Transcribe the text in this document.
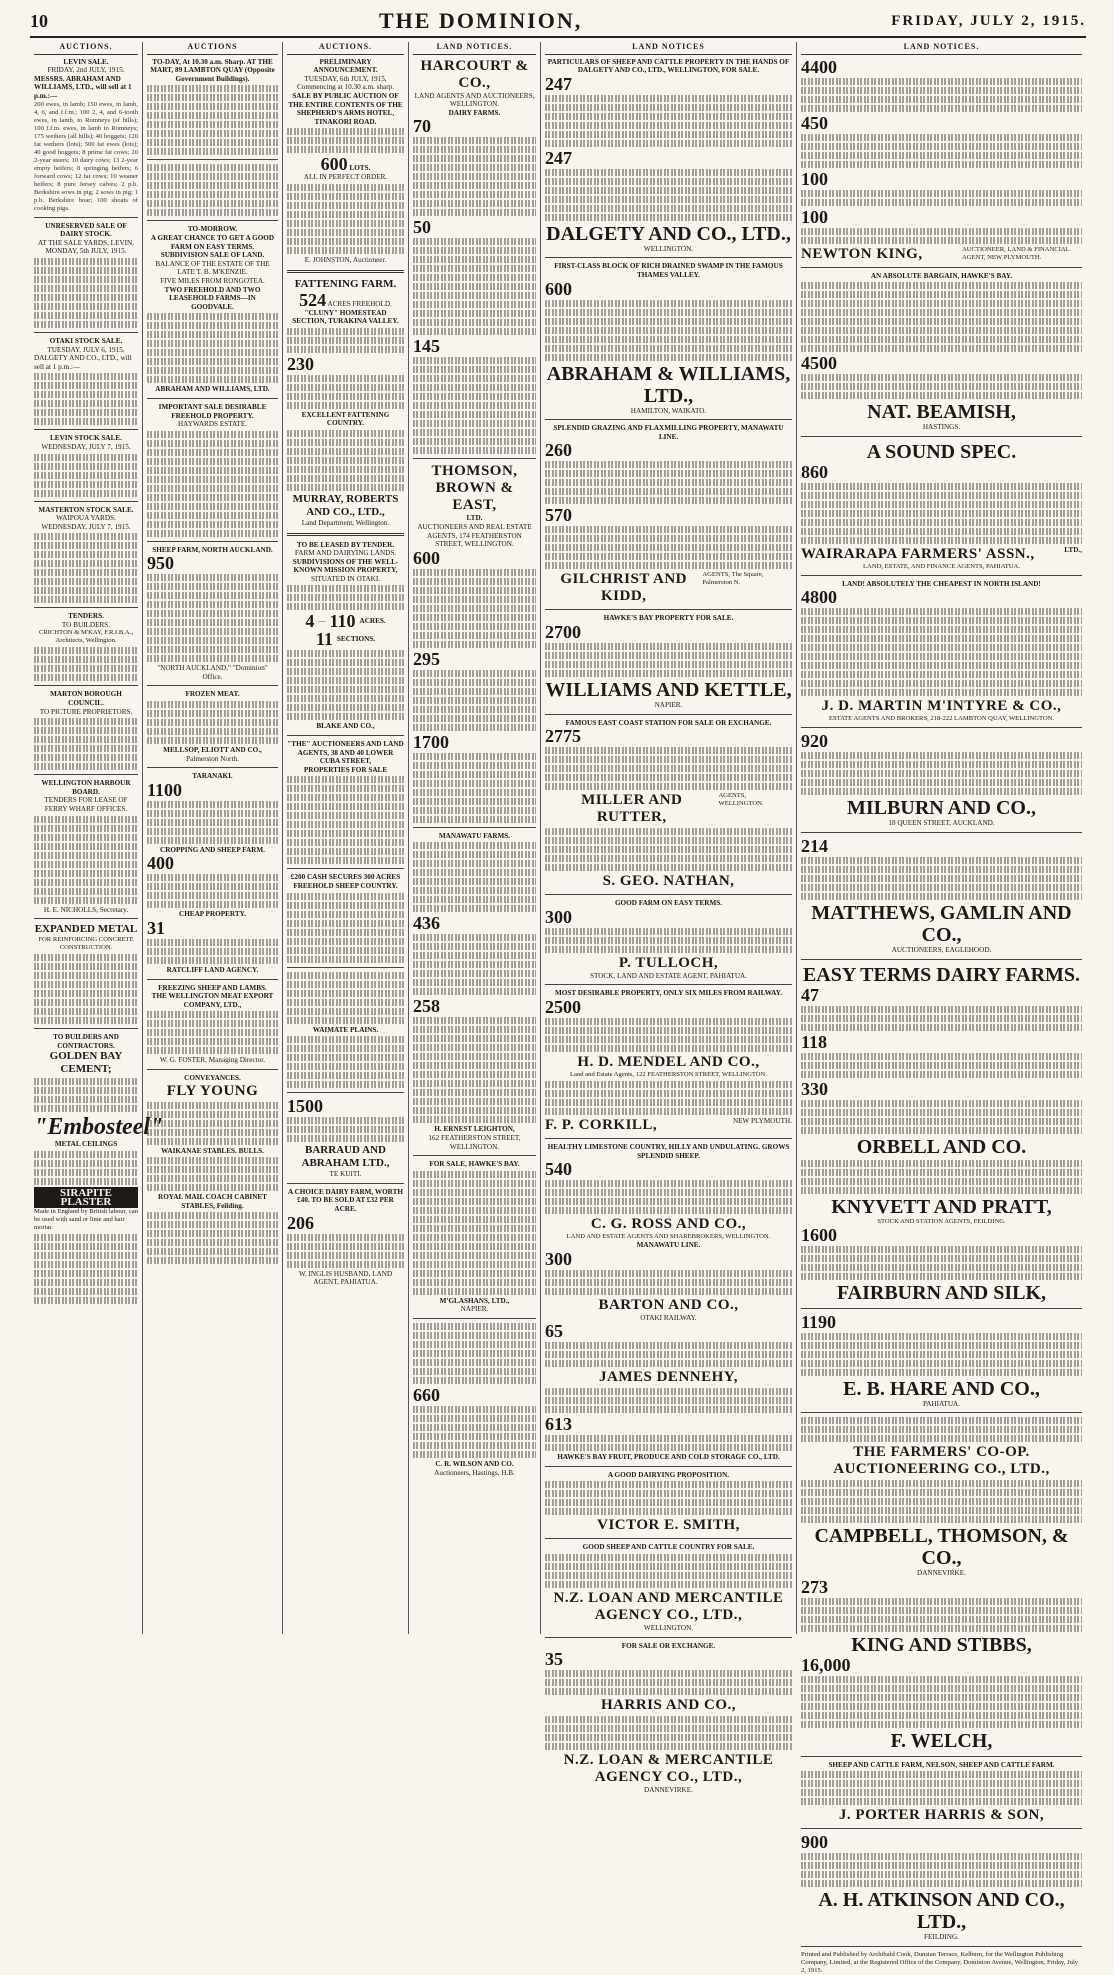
10	THE DOMINION,	FRIDAY, JULY 2, 1915.
AUCTIONS.
LEVIN SALE.
FRIDAY, 2nd JULY, 1915.
MESSRS. ABRAHAM AND WILLIAMS, LTD., will sell at 1 p.m.:—
200 ewes, in lamb; 150 ewes, in lamb, 4, 6, and f.f.m.; 100 2, 4, and 6-tooth ewes, in lamb, to Romneys (sf hills); 100 f.f.m. ewes, in lamb to Romneys; 175 wethers (all hills); 40 hoggets; 120 fat wethers (lots); 500 fat ewes (lots); 40 good hoggets; 8 prime fat cows; 20 2-year steers; 10 dairy cows; 13 2-year empty heifers; 8 springing heifers; 6 forward cows; 12 fat cows; 10 weaner heifers; 8 pure Jersey calves; 2 p.b. Berkshire sows in pig; 2 sows in pig; 1 p.b. Berkshire boar; 100 shoats of cooking pigs.
UNRESERVED SALE OF DAIRY STOCK.
AT THE SALE YARDS, LEVIN.
MONDAY, 5th JULY, 1915.
OTAKI STOCK SALE.
TUESDAY, JULY 6, 1915.
DALGETY AND CO., LTD., will sell at 1 p.m.:—
LEVIN STOCK SALE.
WEDNESDAY, JULY 7, 1915.
MASTERTON STOCK SALE.
WAIPOUA YARDS.
WEDNESDAY, JULY 7, 1915.
TENDERS.
TO BUILDERS.
CRICHTON & M'KAY, F.R.I.B.A., Architects, Wellington.
MARTON BOROUGH COUNCIL.
TO PICTURE PROPRIETORS.
WELLINGTON HARBOUR BOARD.
TENDERS FOR LEASE OF FERRY WHARF OFFICES.
H. E. NICHOLLS, Secretary.
EXPANDED METAL
FOR REINFORCING CONCRETE CONSTRUCTION.
TO BUILDERS AND CONTRACTORS.
GOLDEN BAY CEMENT;
"Embosteel"
METAL CEILINGS
SIRAPITE PLASTER
Made in England by British labour, can be used with sand or lime and hair mortar.
AUCTIONS
TO-DAY, At 10.30 a.m. Sharp. AT THE MART, 89 LAMBTON QUAY (Opposite Government Buildings).
TO-MORROW.
A GREAT CHANCE TO GET A GOOD FARM ON EASY TERMS.
SUBDIVISION SALE OF LAND.
BALANCE OF THE ESTATE OF THE LATE T. B. M'KENZIE.
FIVE MILES FROM RONGOTEA.
TWO FREEHOLD AND TWO LEASEHOLD FARMS—IN GOODVALE.
ABRAHAM AND WILLIAMS, LTD.
IMPORTANT SALE DESIRABLE FREEHOLD PROPERTY.
HAYWARDS ESTATE.
SHEEP FARM, NORTH AUCKLAND.
950
"NORTH AUCKLAND," "Dominion" Office.
FROZEN MEAT.
MELLSOP, ELIOTT AND CO.,
Palmerston North.
TARANAKI.
1100
CROPPING AND SHEEP FARM.
400
CHEAP PROPERTY.
31
RATCLIFF LAND AGENCY.
FREEZING SHEEP AND LAMBS.
THE WELLINGTON MEAT EXPORT COMPANY, LTD.,
W. G. FOSTER, Managing Director.
CONVEYANCES.
FLY YOUNG
WAIKANAE STABLES. BULLS.
ROYAL MAIL COACH CABINET STABLES, Feilding.
AUCTIONS.
PRELIMINARY ANNOUNCEMENT.
TUESDAY, 6th JULY, 1915,
Commencing at 10.30 a.m. sharp.
SALE BY PUBLIC AUCTION OF THE ENTIRE CONTENTS OF THE SHEPHERD'S ARMS HOTEL, TINAKORI ROAD.
600 LOTS.
ALL IN PERFECT ORDER.
E. JOHNSTON, Auctioneer.
FATTENING FARM.
524 ACRES FREEHOLD.
"CLUNY" HOMESTEAD SECTION, TURAKINA VALLEY.
230
EXCELLENT FATTENING COUNTRY.
MURRAY, ROBERTS AND CO., LTD.,
Land Department, Wellington.
TO BE LEASED BY TENDER.
FARM AND DAIRYING LANDS.
SUBDIVISIONS OF THE WELL-KNOWN MISSION PROPERTY,
SITUATED IN OTAKI.
4 — 110 ACRES.
11 SECTIONS.
BLAKE AND CO.,
"THE" AUCTIONEERS AND LAND AGENTS, 38 AND 40 LOWER CUBA STREET,
PROPERTIES FOR SALE
£200 CASH SECURES 300 ACRES FREEHOLD SHEEP COUNTRY.
WAIMATE PLAINS.
1500
BARRAUD AND ABRAHAM LTD.,
TE KUITI.
A CHOICE DAIRY FARM, WORTH £40. TO BE SOLD AT £32 PER ACRE.
206
W. INGLIS HUSBAND, LAND AGENT, PAHIATUA.
LAND NOTICES.
HARCOURT & CO.,
LAND AGENTS AND AUCTIONEERS, WELLINGTON.
DAIRY FARMS.
70
50
145
THOMSON, BROWN & EAST,
LTD.
AUCTIONEERS AND REAL ESTATE AGENTS, 174 FEATHERSTON STREET, WELLINGTON.
600
295
1700
MANAWATU FARMS.
436
258
H. ERNEST LEIGHTON,
162 FEATHERSTON STREET, WELLINGTON.
FOR SALE, HAWKE'S BAY.
M'GLASHANS, LTD.,
NAPIER.
660
C. R. WILSON AND CO.
Auctioneers, Hastings, H.B.
LAND NOTICES
PARTICULARS OF SHEEP AND CATTLE PROPERTY IN THE HANDS OF DALGETY AND CO., LTD., WELLINGTON, FOR SALE.
247
247
DALGETY AND CO., LTD.,
WELLINGTON.
FIRST-CLASS BLOCK OF RICH DRAINED SWAMP IN THE FAMOUS THAMES VALLEY.
600
ABRAHAM & WILLIAMS, LTD.,
HAMILTON, WAIKATO.
SPLENDID GRAZING AND FLAXMILLING PROPERTY, MANAWATU LINE.
260
570
GILCHRIST AND KIDD,
AGENTS, The Square, Palmerston N.
HAWKE'S BAY PROPERTY FOR SALE.
2700
WILLIAMS AND KETTLE,
NAPIER.
FAMOUS EAST COAST STATION FOR SALE OR EXCHANGE.
2775
MILLER AND RUTTER,
AGENTS, WELLINGTON.
S. GEO. NATHAN,
GOOD FARM ON EASY TERMS.
300
P. TULLOCH,
STOCK, LAND AND ESTATE AGENT, PAHIATUA.
MOST DESIRABLE PROPERTY, ONLY SIX MILES FROM RAILWAY.
2500
H. D. MENDEL AND CO.,
Land and Estate Agents, 122 FEATHERSTON STREET, WELLINGTON.
F. P. CORKILL,	NEW PLYMOUTH.
HEALTHY LIMESTONE COUNTRY, HILLY AND UNDULATING. GROWS SPLENDID SHEEP.
540
C. G. ROSS AND CO.,
LAND AND ESTATE AGENTS AND SHAREBROKERS, WELLINGTON.
MANAWATU LINE.
300
BARTON AND CO.,
OTAKI RAILWAY.
65
JAMES DENNEHY,
613
HAWKE'S BAY FRUIT, PRODUCE AND COLD STORAGE CO., LTD.
A GOOD DAIRYING PROPOSITION.
VICTOR E. SMITH,
GOOD SHEEP AND CATTLE COUNTRY FOR SALE.
N.Z. LOAN AND MERCANTILE AGENCY CO., LTD.,
WELLINGTON.
FOR SALE OR EXCHANGE.
35
HARRIS AND CO.,
N.Z. LOAN & MERCANTILE AGENCY CO., LTD.,
DANNEVIRKE.
LAND NOTICES.
4400
450
100
100
NEWTON KING,	AUCTIONEER, LAND & FINANCIAL AGENT, NEW PLYMOUTH.
AN ABSOLUTE BARGAIN, HAWKE'S BAY.
4500
NAT. BEAMISH,
HASTINGS.
A SOUND SPEC.
860
WAIRARAPA FARMERS' ASSN.,	LTD.,
LAND, ESTATE, AND FINANCE AGENTS, PAHIATUA.
LAND! ABSOLUTELY THE CHEAPEST IN NORTH ISLAND!
4800
J. D. MARTIN M'INTYRE & CO.,
ESTATE AGENTS AND BROKERS, 218-222 LAMBTON QUAY, WELLINGTON.
920
MILBURN AND CO.,
18 QUEEN STREET, AUCKLAND.
214
MATTHEWS, GAMLIN AND CO.,
AUCTIONEERS, EAGLEHOOD.
EASY TERMS DAIRY FARMS.
47
118
330
ORBELL AND CO.
KNYVETT AND PRATT,
STOCK AND STATION AGENTS, FEILDING.
1600
FAIRBURN AND SILK,
1190
E. B. HARE AND CO.,
PAHIATUA.
THE FARMERS' CO-OP. AUCTIONEERING CO., LTD.,
CAMPBELL, THOMSON, & CO.,
DANNEVIRKE.
273
KING AND STIBBS,
16,000
F. WELCH,
SHEEP AND CATTLE FARM, NELSON, SHEEP AND CATTLE FARM.
J. PORTER HARRIS & SON,
900
A. H. ATKINSON AND CO., LTD.,
FEILDING.
Printed and Published by Archibald Cook, Dunstan Terrace, Kelburn, for the Wellington Publishing Company, Limited, at the Registered Office of the Company, Dominion Avenue, Wellington, Friday, July 2, 1915.
